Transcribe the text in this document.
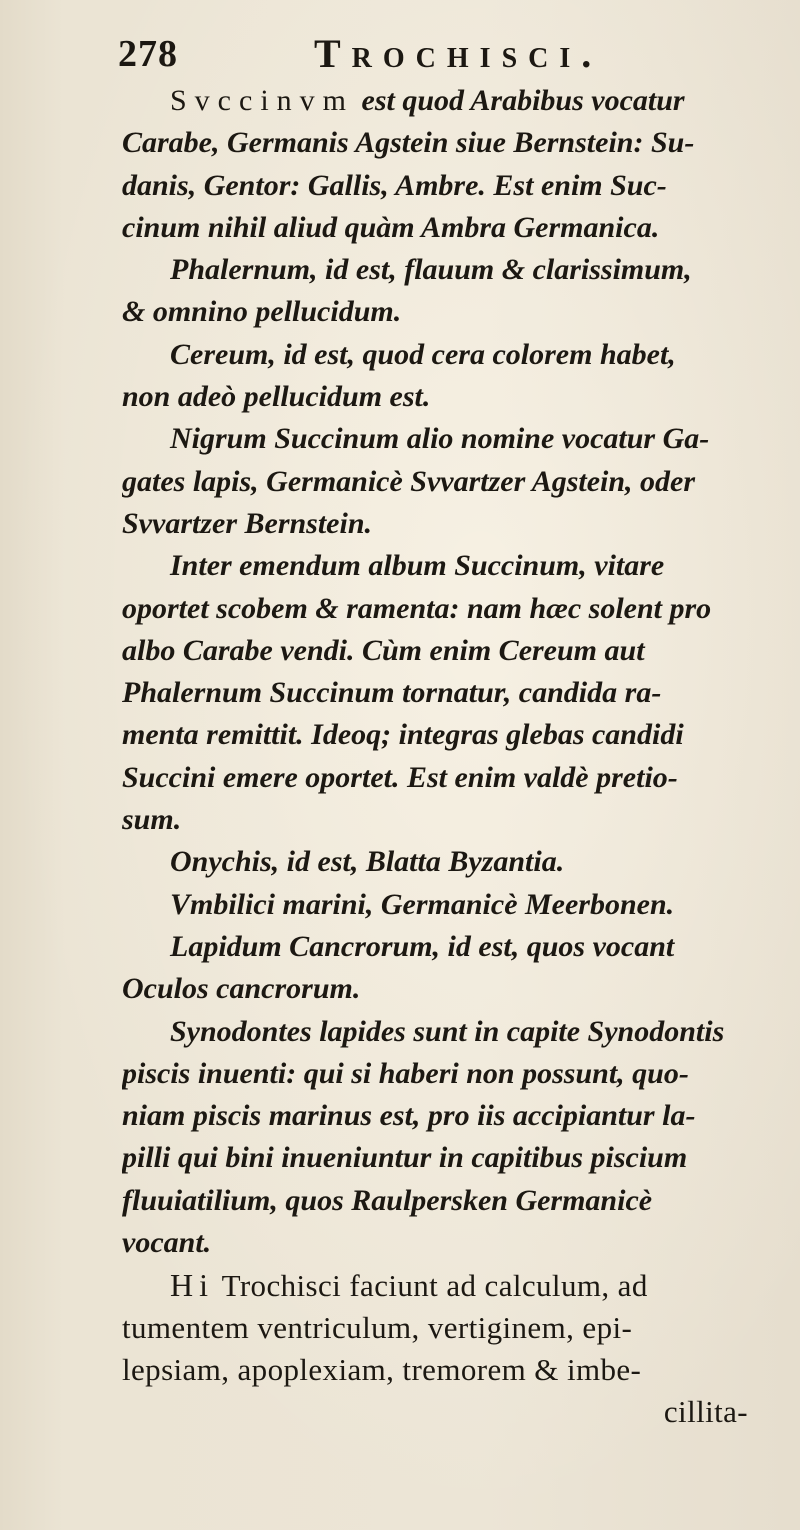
278	Trochisci.
Svccinvm est quod Arabibus vocatur
Carabe, Germanis Agstein siue Bernstein: Su-
danis, Gentor: Gallis, Ambre. Est enim Suc-
cinum nihil aliud quàm Ambra Germanica.
Phalernum, id est, flauum & clarissimum,
& omnino pellucidum.
Cereum, id est, quod cera colorem habet,
non adeò pellucidum est.
Nigrum Succinum alio nomine vocatur Ga-
gates lapis, Germanicè Svvartzer Agstein, oder
Svvartzer Bernstein.
Inter emendum album Succinum, vitare
oportet scobem & ramenta: nam hæc solent pro
albo Carabe vendi. Cùm enim Cereum aut
Phalernum Succinum tornatur, candida ra-
menta remittit. Ideoq; integras glebas candidi
Succini emere oportet. Est enim valdè pretio-
sum.
Onychis, id est, Blatta Byzantia.
Vmbilici marini, Germanicè Meerbonen.
Lapidum Cancrorum, id est, quos vocant
Oculos cancrorum.
Synodontes lapides sunt in capite Synodontis
piscis inuenti: qui si haberi non possunt, quo-
niam piscis marinus est, pro iis accipiantur la-
pilli qui bini inueniuntur in capitibus piscium
fluuiatilium, quos Raulpersken Germanicè
vocant.
Hi Trochisci faciunt ad calculum, ad
tumentem ventriculum, vertiginem, epi-
lepsiam, apoplexiam, tremorem & imbe-
cillita-
